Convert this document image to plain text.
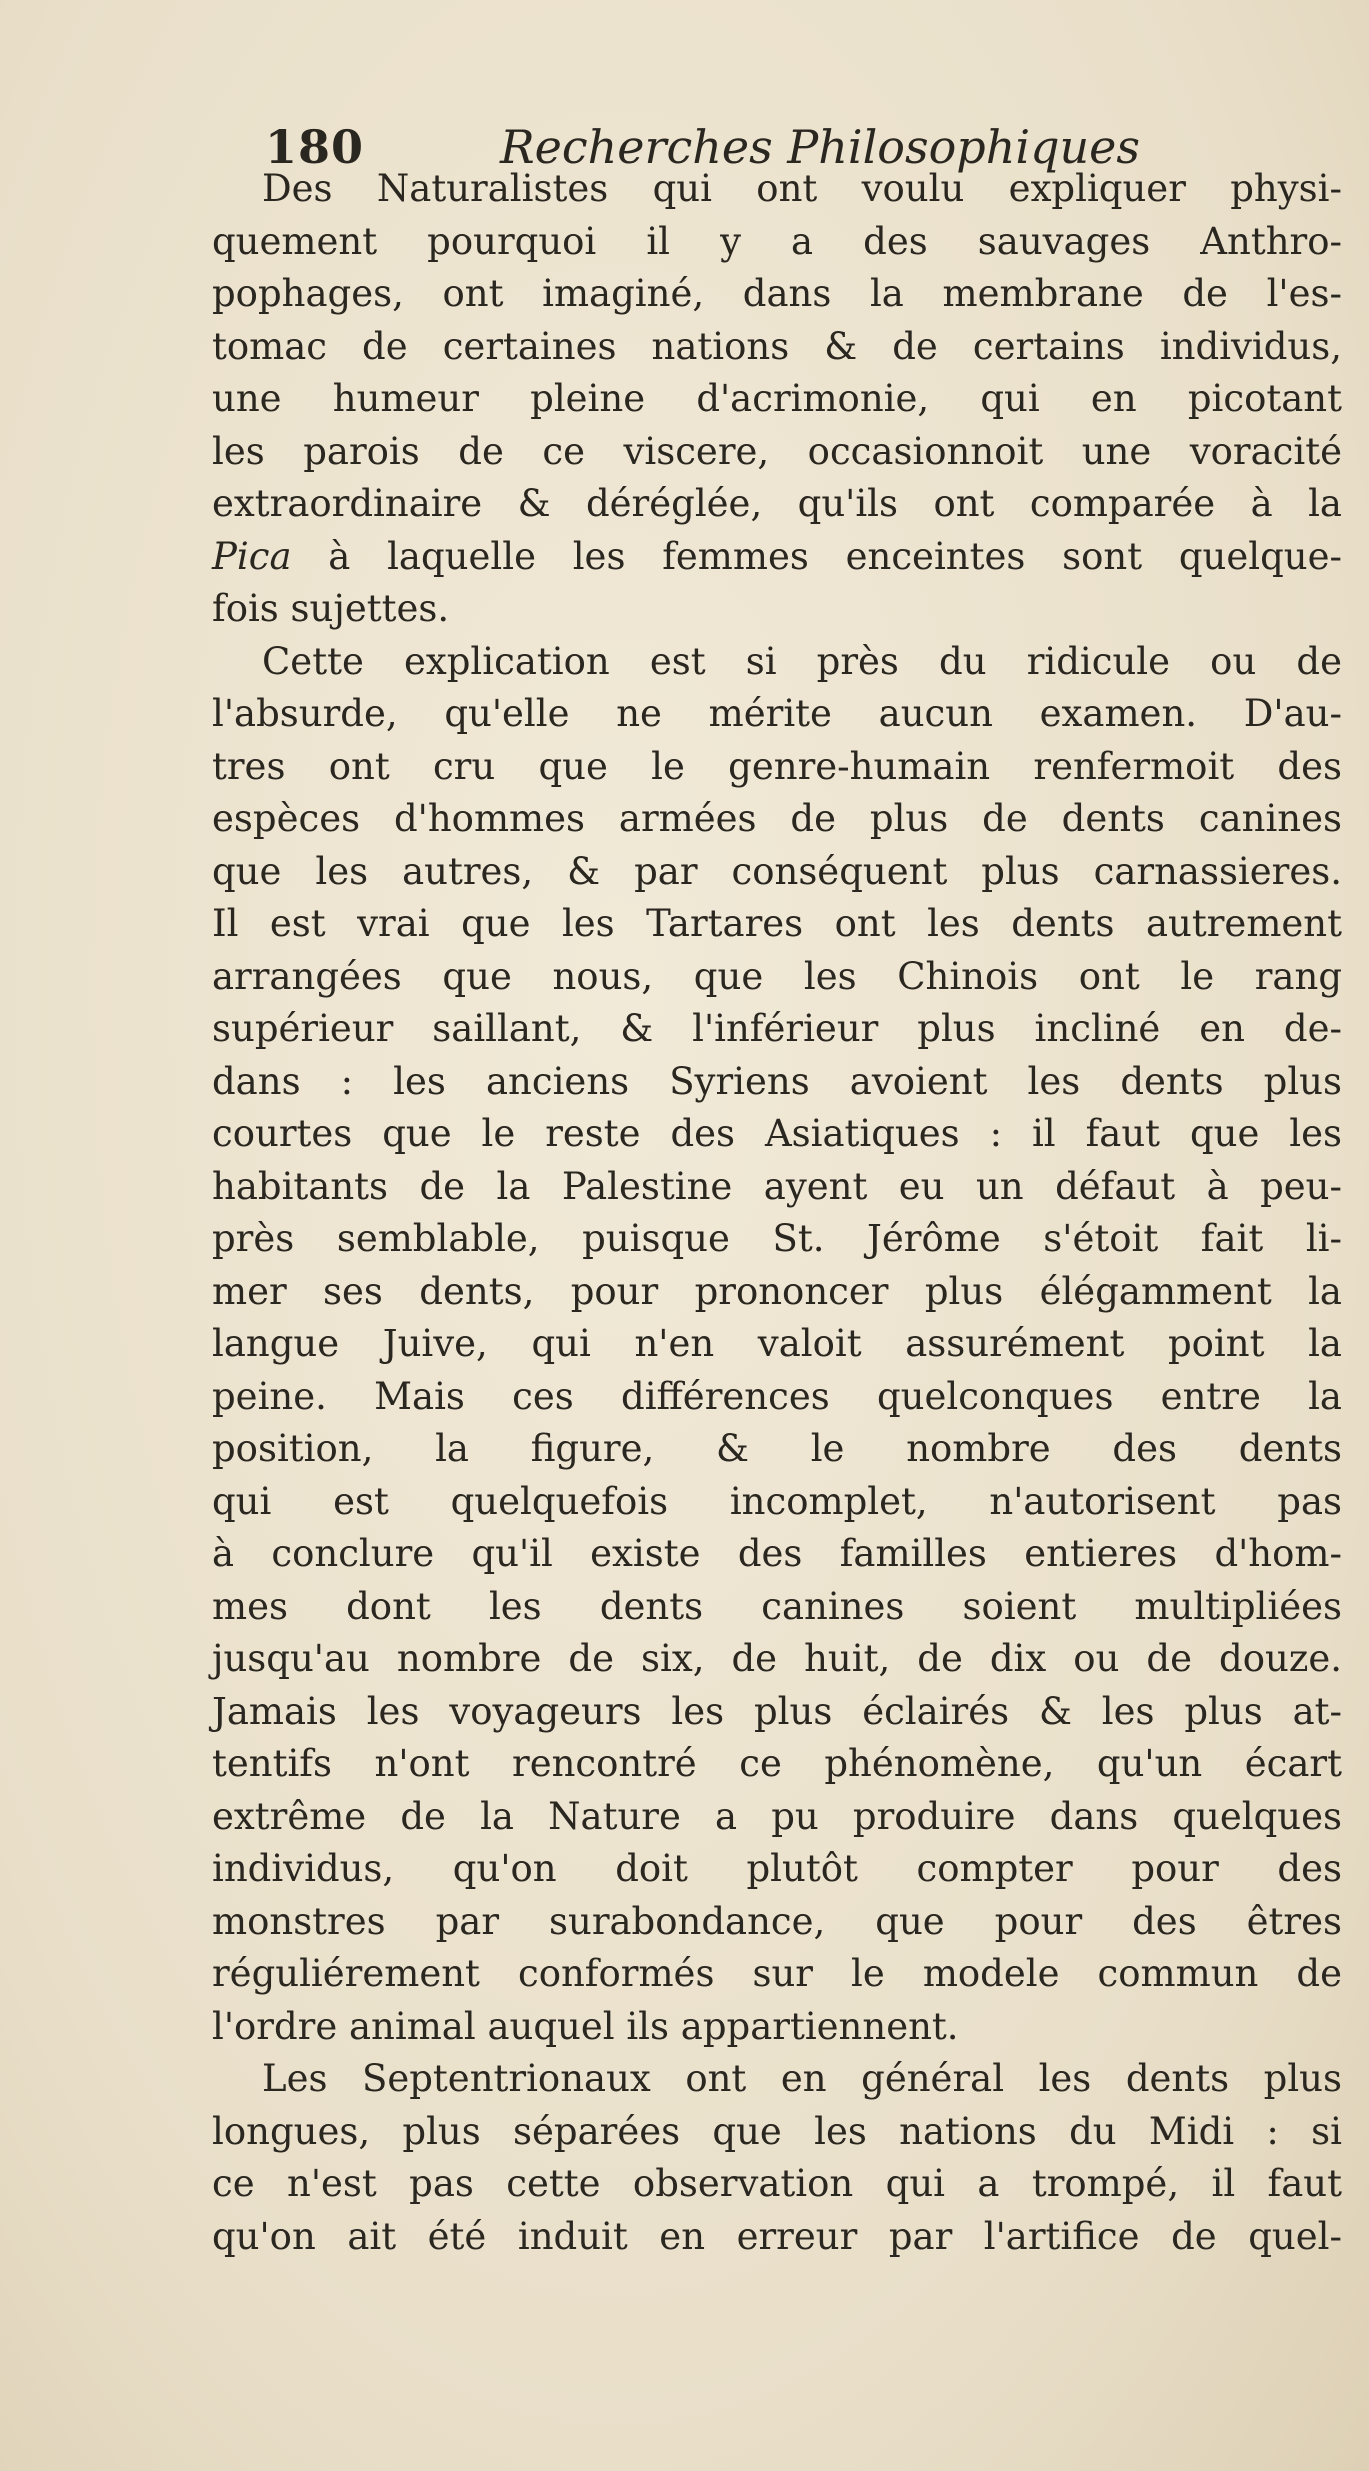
180	Recherches Philosophiques
Des Naturalistes qui ont voulu expliquer physi-
quement pourquoi il y a des sauvages Anthro-
pophages, ont imaginé, dans la membrane de l'es-
tomac de certaines nations & de certains individus,
une humeur pleine d'acrimonie, qui en picotant
les parois de ce viscere, occasionnoit une voracité
extraordinaire & déréglée, qu'ils ont comparée à la
Pica à laquelle les femmes enceintes sont quelque-
fois sujettes.
Cette explication est si près du ridicule ou de
l'absurde, qu'elle ne mérite aucun examen. D'au-
tres ont cru que le genre-humain renfermoit des
espèces d'hommes armées de plus de dents canines
que les autres, & par conséquent plus carnassieres.
Il est vrai que les Tartares ont les dents autrement
arrangées que nous, que les Chinois ont le rang
supérieur saillant, & l'inférieur plus incliné en de-
dans : les anciens Syriens avoient les dents plus
courtes que le reste des Asiatiques : il faut que les
habitants de la Palestine ayent eu un défaut à peu-
près semblable, puisque St. Jérôme s'étoit fait li-
mer ses dents, pour prononcer plus élégamment la
langue Juive, qui n'en valoit assurément point la
peine. Mais ces différences quelconques entre la
position, la figure, & le nombre des dents
qui est quelquefois incomplet, n'autorisent pas
à conclure qu'il existe des familles entieres d'hom-
mes dont les dents canines soient multipliées
jusqu'au nombre de six, de huit, de dix ou de douze.
Jamais les voyageurs les plus éclairés & les plus at-
tentifs n'ont rencontré ce phénomène, qu'un écart
extrême de la Nature a pu produire dans quelques
individus, qu'on doit plutôt compter pour des
monstres par surabondance, que pour des êtres
réguliérement conformés sur le modele commun de
l'ordre animal auquel ils appartiennent.
Les Septentrionaux ont en général les dents plus
longues, plus séparées que les nations du Midi : si
ce n'est pas cette observation qui a trompé, il faut
qu'on ait été induit en erreur par l'artifice de quel-
